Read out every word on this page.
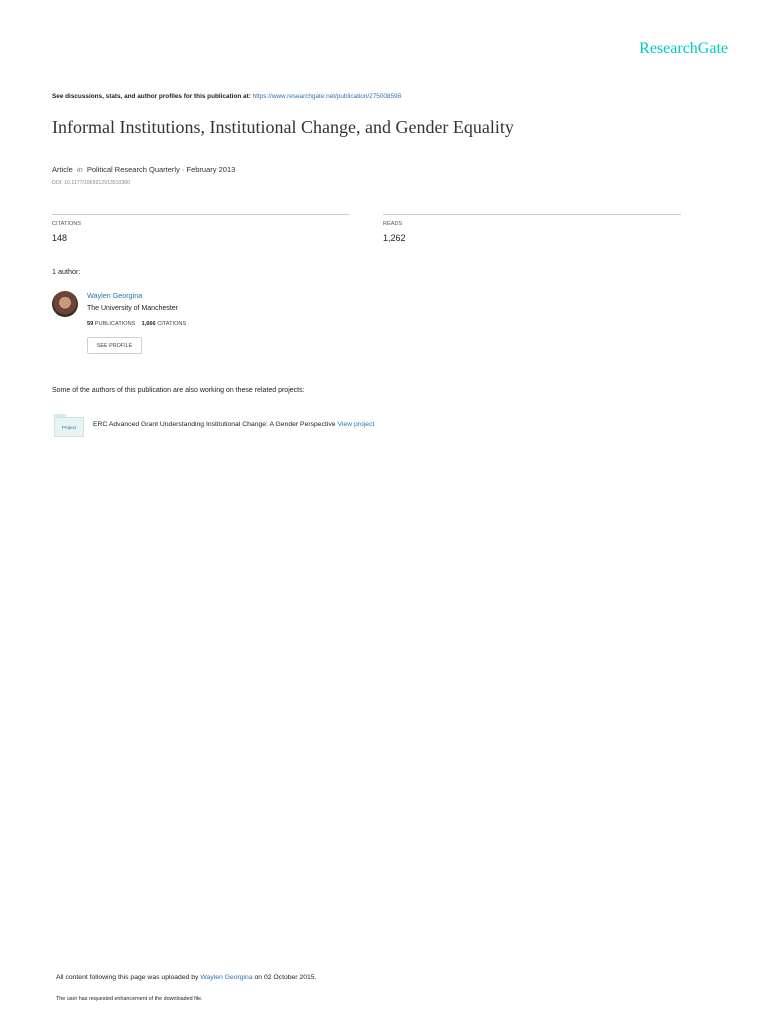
ResearchGate
See discussions, stats, and author profiles for this publication at: https://www.researchgate.net/publication/275008598
Informal Institutions, Institutional Change, and Gender Equality
Article in Political Research Quarterly · February 2013
DOI: 10.1177/1065912913510360
CITATIONS
148
READS
1,262
1 author:
Waylen Georgina
The University of Manchester
59 PUBLICATIONS 1,666 CITATIONS
SEE PROFILE
Some of the authors of this publication are also working on these related projects:
Project	ERC Advanced Grant Understanding Institutional Change: A Gender Perspective View project
All content following this page was uploaded by Waylen Georgina on 02 October 2015.
The user has requested enhancement of the downloaded file.
